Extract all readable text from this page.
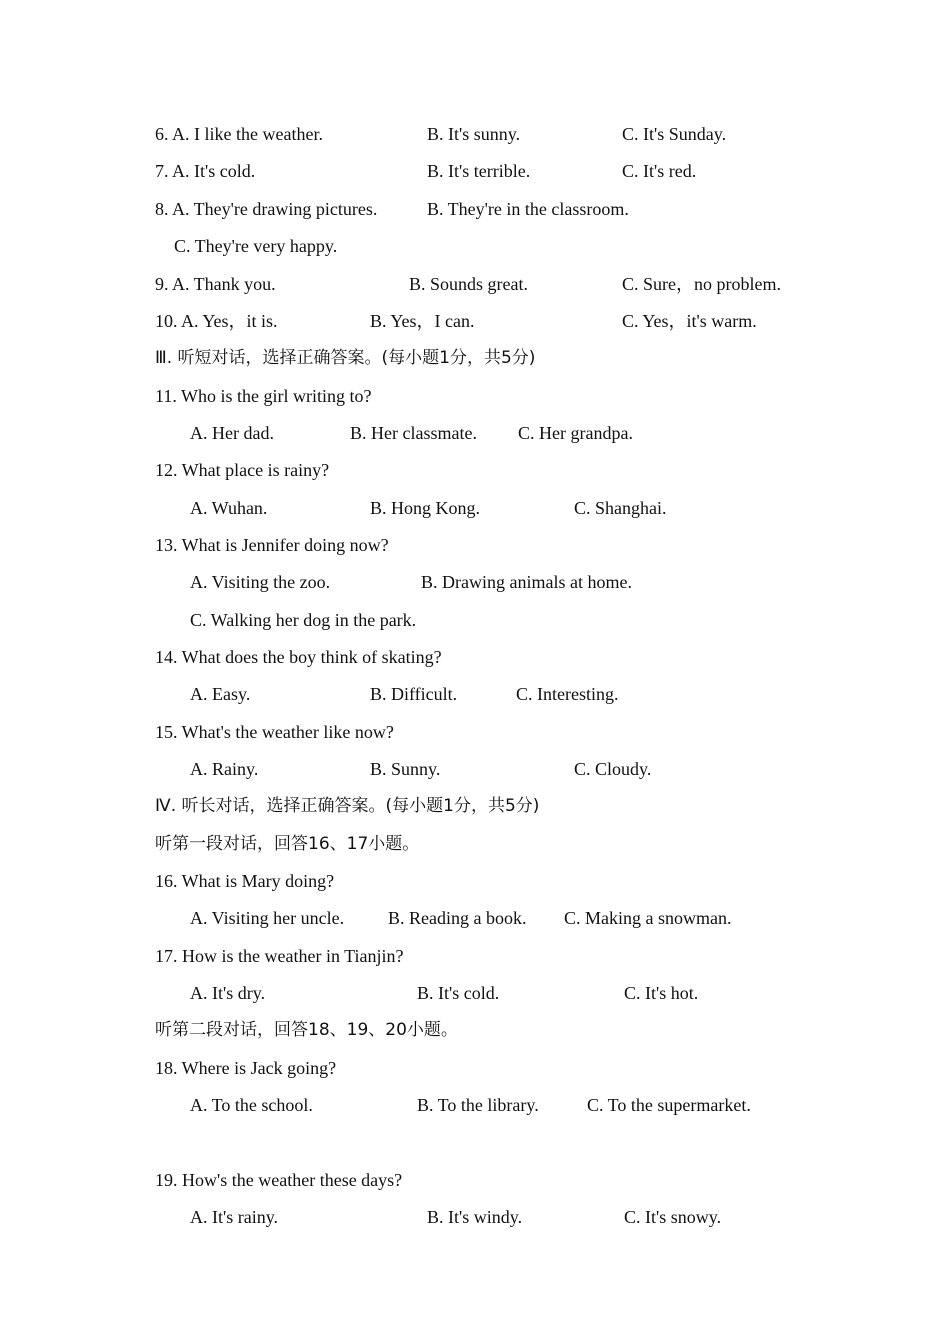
6. A. I like the weather.	B. It's sunny.	C. It's Sunday.
7. A. It's cold.	B. It's terrible.	C. It's red.
8. A. They're drawing pictures.	B. They're in the classroom.
C. They're very happy.
9. A. Thank you.	B. Sounds great.	C. Sure，no problem.
10. A. Yes，it is.	B. Yes，I can.	C. Yes，it's warm.
Ⅲ. 听短对话，选择正确答案。(每小题1分，共5分)
11. Who is the girl writing to?
A. Her dad.	B. Her classmate. C. Her grandpa.
12. What place is rainy?
A. Wuhan.	B. Hong Kong.	C. Shanghai.
13. What is Jennifer doing now?
A. Visiting the zoo.	B. Drawing animals at home.
C. Walking her dog in the park.
14. What does the boy think of skating?
A. Easy.	B. Difficult.	C. Interesting.
15. What's the weather like now?
A. Rainy.	B. Sunny.	C. Cloudy.
Ⅳ. 听长对话，选择正确答案。(每小题1分，共5分)
听第一段对话，回答16、17小题。
16. What is Mary doing?
A. Visiting her uncle. B. Reading a book. C. Making a snowman.
17. How is the weather in Tianjin?
A. It's dry.	B. It's cold.	C. It's hot.
听第二段对话，回答18、19、20小题。
18. Where is Jack going?
A. To the school.	B. To the library.	C. To the supermarket.
19. How's the weather these days?
A. It's rainy.	B. It's windy.	C. It's snowy.
